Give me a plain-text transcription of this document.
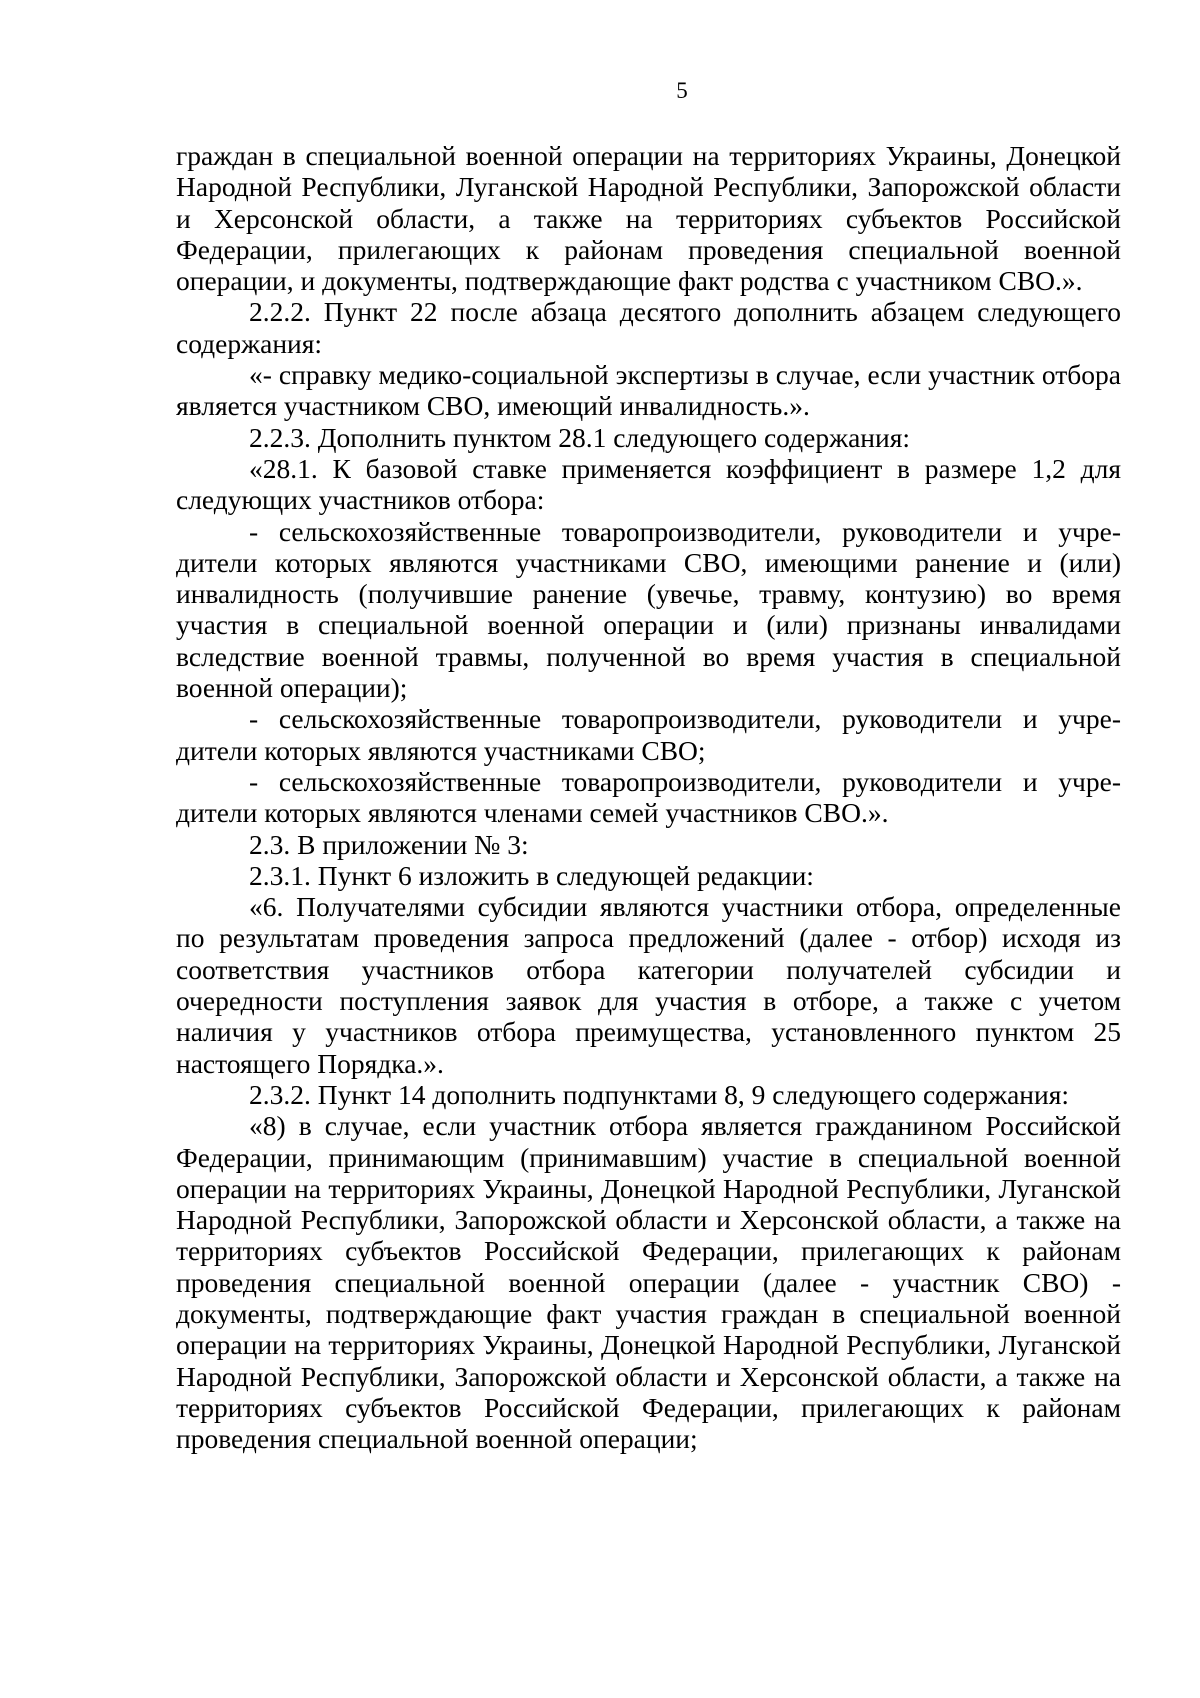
5

граждан в специальной военной операции на территориях Украины, Донецкой Народной Республики, Луганской Народной Республики, Запорожской области и Херсонской области, а также на территориях субъектов Российской Федерации, прилегающих к районам проведения специальной военной операции, и документы, подтверждающие факт родства с участником СВО.».

2.2.2. Пункт 22 после абзаца десятого дополнить абзацем следующего содержания:

«- справку медико-социальной экспертизы в случае, если участник отбора является участником СВО, имеющий инвалидность.».

2.2.3. Дополнить пунктом 28.1 следующего содержания:

«28.1. К базовой ставке применяется коэффициент в размере 1,2 для следующих участников отбора:

- сельскохозяйственные товаропроизводители, руководители и учредители которых являются участниками СВО, имеющими ранение и (или) инвалидность (получившие ранение (увечье, травму, контузию) во время участия в специальной военной операции и (или) признаны инвалидами вследствие военной травмы, полученной во время участия в специальной военной операции);

- сельскохозяйственные товаропроизводители, руководители и учредители которых являются участниками СВО;

- сельскохозяйственные товаропроизводители, руководители и учредители которых являются членами семей участников СВО.».

2.3. В приложении № 3:

2.3.1. Пункт 6 изложить в следующей редакции:

«6. Получателями субсидии являются участники отбора, определенные по результатам проведения запроса предложений (далее - отбор) исходя из соответствия участников отбора категории получателей субсидии и очередности поступления заявок для участия в отборе, а также с учетом наличия у участников отбора преимущества, установленного пунктом 25 настоящего Порядка.».

2.3.2. Пункт 14 дополнить подпунктами 8, 9 следующего содержания:

«8) в случае, если участник отбора является гражданином Российской Федерации, принимающим (принимавшим) участие в специальной военной операции на территориях Украины, Донецкой Народной Республики, Луганской Народной Республики, Запорожской области и Херсонской области, а также на территориях субъектов Российской Федерации, прилегающих к районам проведения специальной военной операции (далее - участник СВО) - документы, подтверждающие факт участия граждан в специальной военной операции на территориях Украины, Донецкой Народной Республики, Луганской Народной Республики, Запорожской области и Херсонской области, а также на территориях субъектов Российской Федерации, прилегающих к районам проведения специальной военной операции;
